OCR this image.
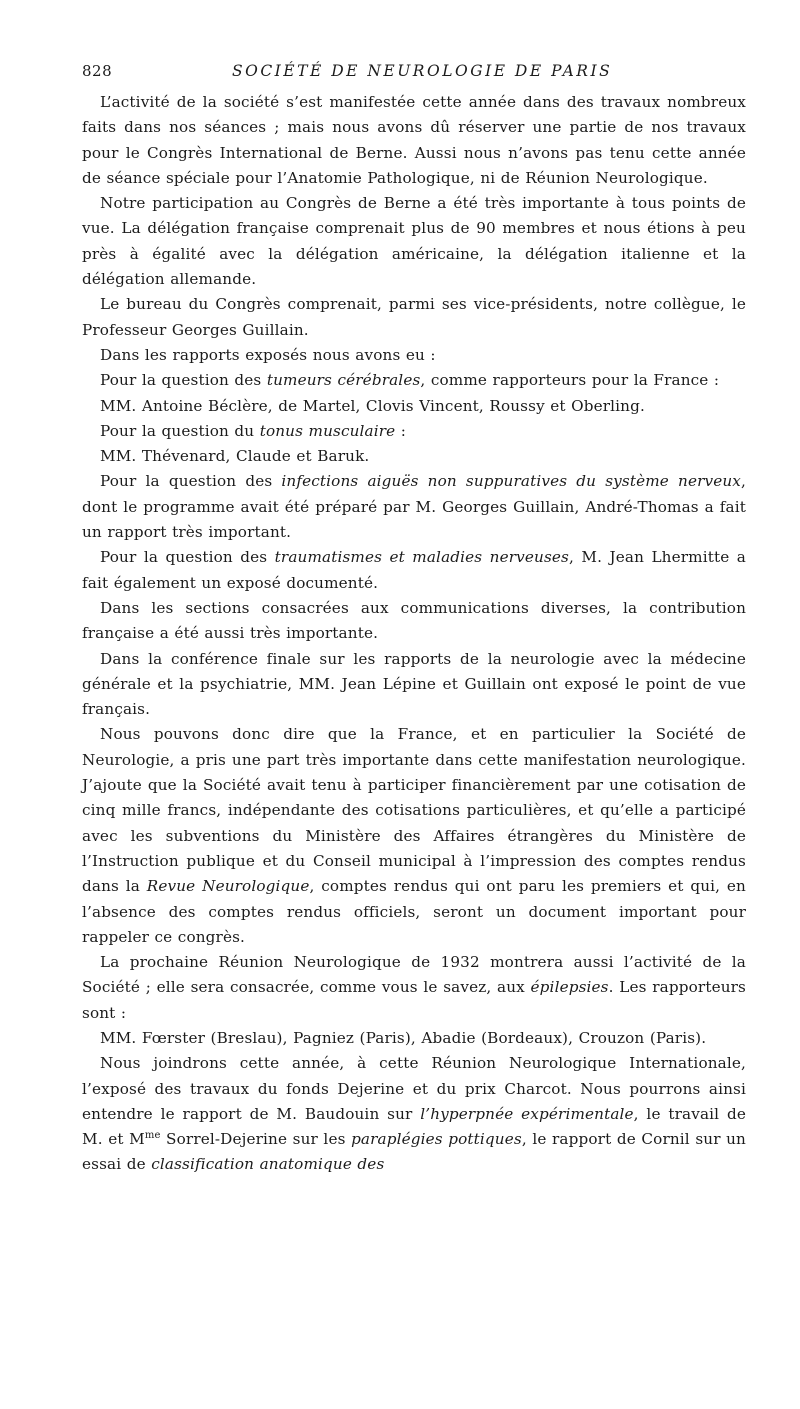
828	SOCIÉTÉ DE NEUROLOGIE DE PARIS

L’activité de la société s’est manifestée cette année dans des travaux nombreux faits dans nos séances ; mais nous avons dû réserver une partie de nos travaux pour le Congrès International de Berne. Aussi nous n’avons pas tenu cette année de séance spéciale pour l’Anatomie Pathologique, ni de Réunion Neurologique.

Notre participation au Congrès de Berne a été très importante à tous points de vue. La délégation française comprenait plus de 90 membres et nous étions à peu près à égalité avec la délégation américaine, la délégation italienne et la délégation allemande.

Le bureau du Congrès comprenait, parmi ses vice-présidents, notre collègue, le Professeur Georges Guillain.

Dans les rapports exposés nous avons eu :

Pour la question des tumeurs cérébrales, comme rapporteurs pour la France :

MM. Antoine Béclère, de Martel, Clovis Vincent, Roussy et Oberling.

Pour la question du tonus musculaire :

MM. Thévenard, Claude et Baruk.

Pour la question des infections aiguës non suppuratives du système nerveux, dont le programme avait été préparé par M. Georges Guillain, André-Thomas a fait un rapport très important.

Pour la question des traumatismes et maladies nerveuses, M. Jean Lhermitte a fait également un exposé documenté.

Dans les sections consacrées aux communications diverses, la contribution française a été aussi très importante.

Dans la conférence finale sur les rapports de la neurologie avec la médecine générale et la psychiatrie, MM. Jean Lépine et Guillain ont exposé le point de vue français.

Nous pouvons donc dire que la France, et en particulier la Société de Neurologie, a pris une part très importante dans cette manifestation neurologique. J’ajoute que la Société avait tenu à participer financièrement par une cotisation de cinq mille francs, indépendante des cotisations particulières, et qu’elle a participé avec les subventions du Ministère des Affaires étrangères du Ministère de l’Instruction publique et du Conseil municipal à l’impression des comptes rendus dans la Revue Neurologique, comptes rendus qui ont paru les premiers et qui, en l’absence des comptes rendus officiels, seront un document important pour rappeler ce congrès.

La prochaine Réunion Neurologique de 1932 montrera aussi l’activité de la Société ; elle sera consacrée, comme vous le savez, aux épilepsies. Les rapporteurs sont :

MM. Fœrster (Breslau), Pagniez (Paris), Abadie (Bordeaux), Crouzon (Paris).

Nous joindrons cette année, à cette Réunion Neurologique Internationale, l’exposé des travaux du fonds Dejerine et du prix Charcot. Nous pourrons ainsi entendre le rapport de M. Baudouin sur l’hyperpnée expérimentale, le travail de M. et $M^{me}$ Sorrel-Dejerine sur les paraplégies pottiques, le rapport de Cornil sur un essai de classification anatomique des
